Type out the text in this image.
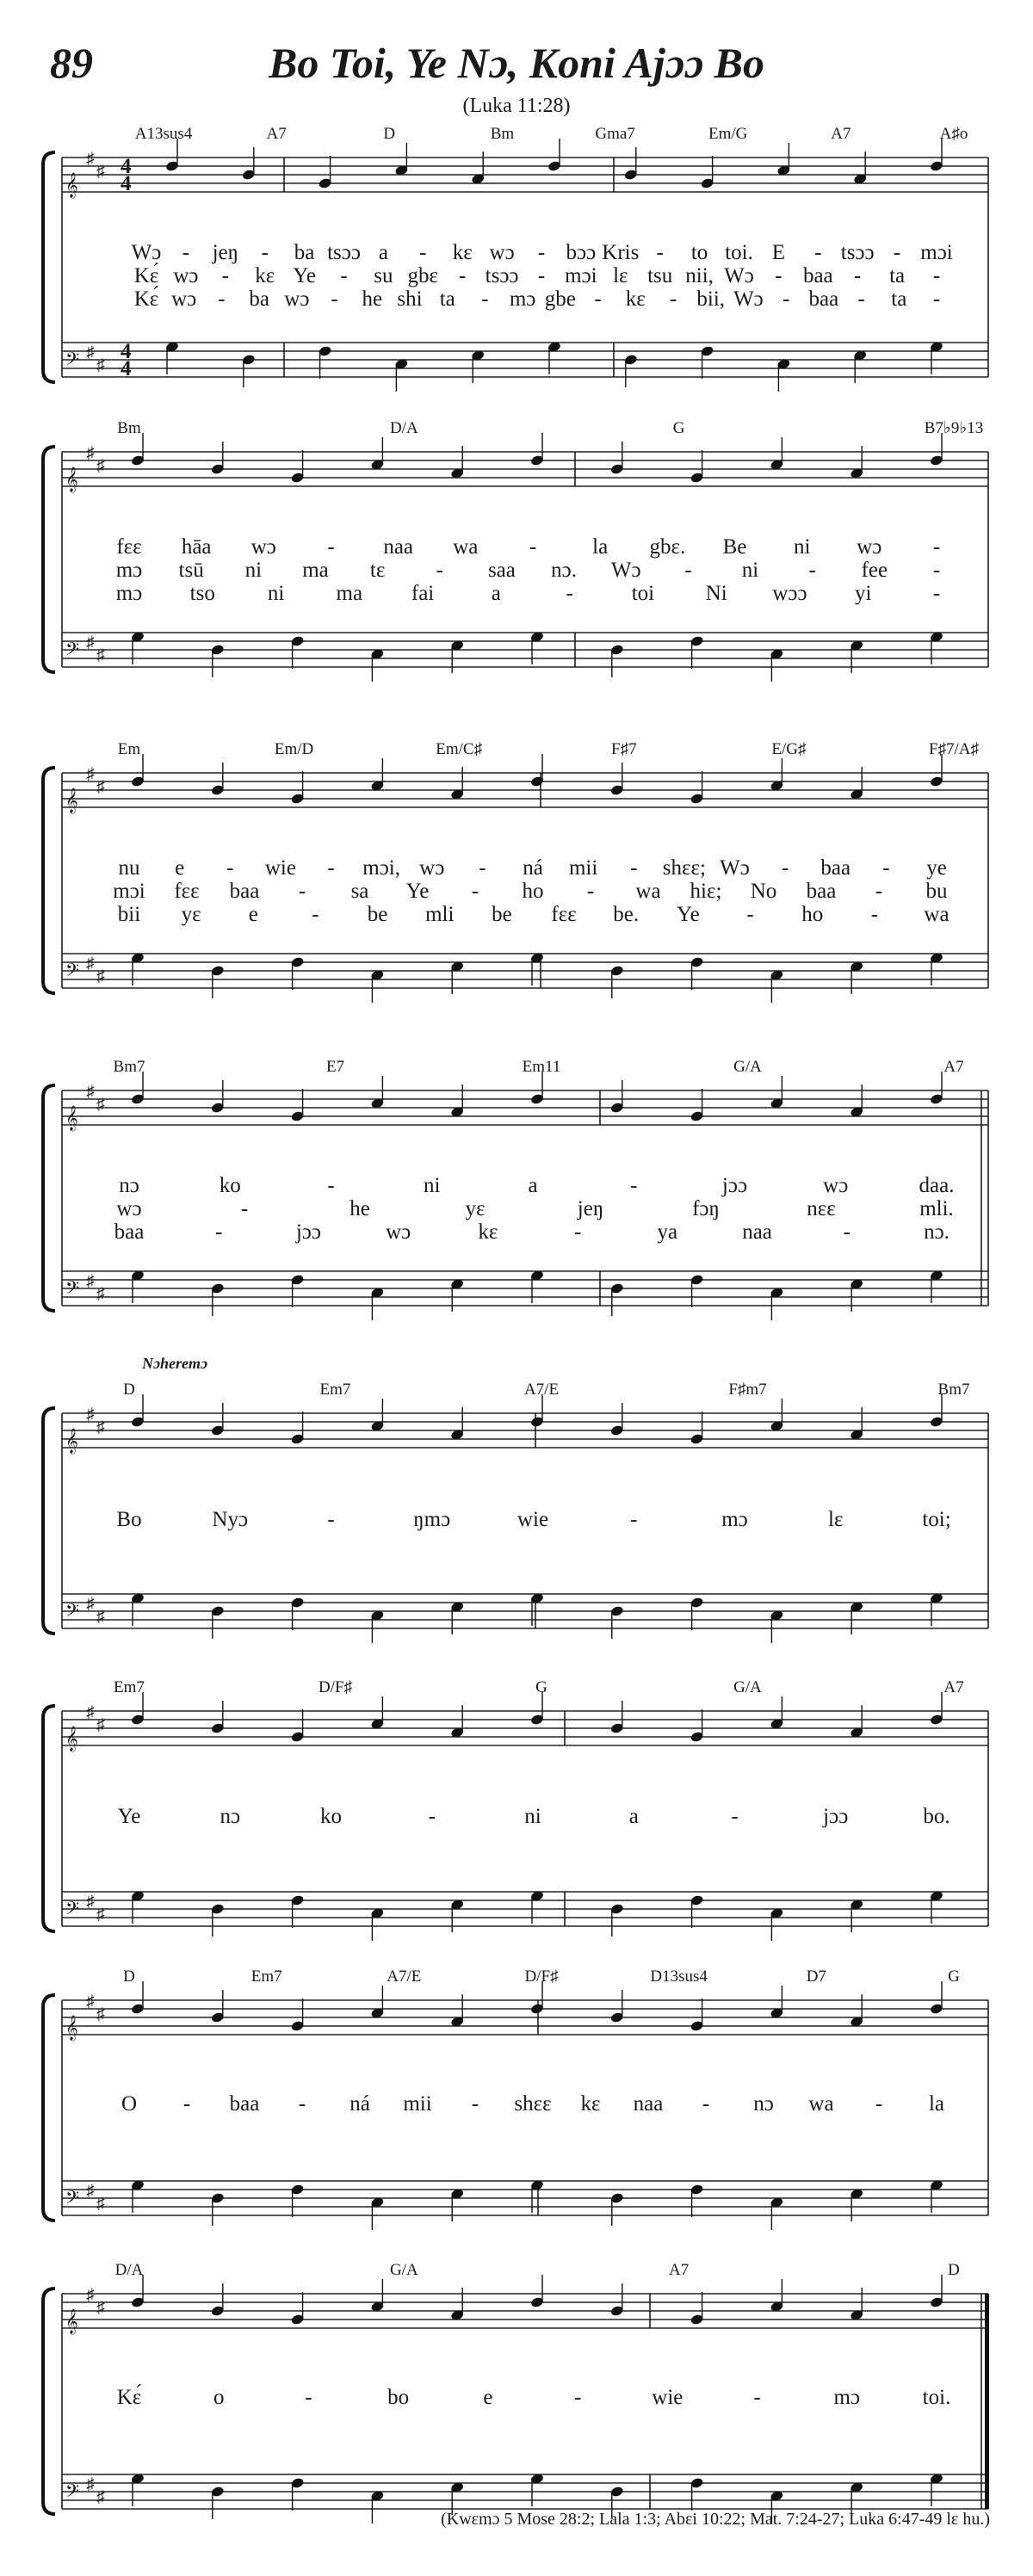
89	Bo Toi, Ye Nɔ, Koni Ajɔɔ Bo
(Luka 11:28)
𝄞
𝄢
♯
♯
♯
♯
4
4
4
4
A13sus4	A7	D	Bm	Gma7	Em/G	A7	A♯o
Wɔ - jeŋ - ba tsɔɔ a - kɛ wɔ - bɔɔ Kris - to toi. E - tsɔɔ - mɔi
Kɛ́ wɔ - kɛ Ye - su gbɛ - tsɔɔ - mɔi lɛ tsu nii, Wɔ - baa - ta -
Kɛ́ wɔ - ba wɔ - he shi ta - mɔ gbe - kɛ - bii, Wɔ - baa - ta -
𝄞
𝄢
♯
♯
♯
♯
Bm	D/A	G	B7♭9♭13
fɛɛ hāa wɔ - naa wa -	la gbɛ. Be ni wɔ -
mɔ tsū ni ma tɛ - saa nɔ. Wɔ - ni - fee -
mɔ tso ni ma fai	a	-	toi Ni wɔɔ yi	-
𝄞
𝄢
♯
♯
♯
♯
Em	Em/D	Em/C♯	F♯7	E/G♯	F♯7/A♯
nu e - wie - mɔi, wɔ - ná mii - shɛɛ; Wɔ - baa - ye
mɔi fɛɛ baa - sa Ye - ho - wa hiɛ; No baa - bu
bii yɛ e - be mli be fɛɛ be. Ye - ho - wa
𝄞
𝄢
♯
♯
♯
♯
Bm7	E7	Em11	G/A	A7
nɔ	ko	-	ni	a	-	jɔɔ	wɔ	daa.
wɔ	-	he	yɛ	jeŋ	fɔŋ	nɛɛ	mli.
baa	-	jɔɔ	wɔ	kɛ	-	ya	naa	-	nɔ.
𝄞
𝄢
♯
♯
♯
♯
D	Em7	A7/E	F♯m7	Bm7
Bo	Nyɔ	-	ŋmɔ	wie	-	mɔ	lɛ	toi;
Nɔheremɔ
𝄞
𝄢
♯
♯
♯
♯
Em7	D/F♯	G	G/A	A7
Ye	nɔ	ko	-	ni	a	-	jɔɔ	bo.
𝄞
𝄢
♯
♯
♯
♯
D	Em7	A7/E	D/F♯	D13sus4	D7	G
O - baa - ná mii - shɛɛ kɛ naa - nɔ wa - la
𝄞
𝄢
♯
♯
♯
♯
D/A	G/A	A7	D
Kɛ́	o	-	bo	e	-	wie	-	mɔ	toi.
(Kwɛmɔ 5 Mose 28:2; Lala 1:3; Abɛi 10:22; Mat. 7:24-27; Luka 6:47-49 lɛ hu.)
